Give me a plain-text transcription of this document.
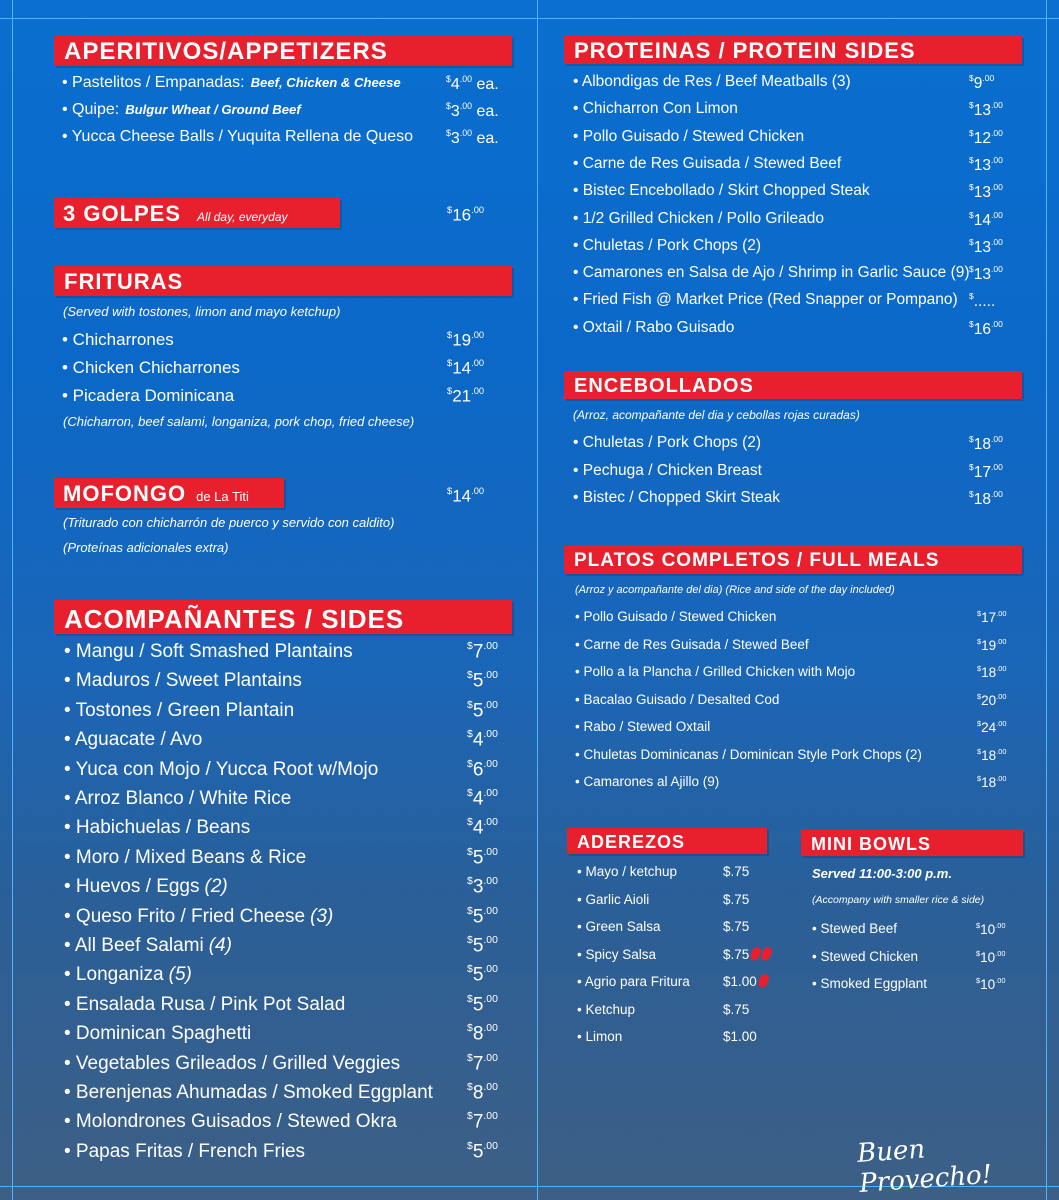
APERITIVOS/APPETIZERS
• Pastelitos / Empanadas: Beef, Chicken & Cheese	$^{\$}4^{.00}$ ea.
• Quipe: Bulgur Wheat / Ground Beef	$^{\$}3^{.00}$ ea.
• Yucca Cheese Balls / Yuquita Rellena de Queso	$^{\$}3^{.00}$ ea.
3 GOLPES All day, everyday	$^{\$}16^{.00}$
FRITURAS
(Served with tostones, limon and mayo ketchup)
• Chicharrones	$^{\$}19^{.00}$
• Chicken Chicharrones	$^{\$}14^{.00}$
• Picadera Dominicana	$^{\$}21^{.00}$
(Chicharron, beef salami, longaniza, pork chop, fried cheese)
MOFONGO de La Titi	$^{\$}14^{.00}$
(Triturado con chicharrón de puerco y servido con caldito)
(Proteínas adicionales extra)
ACOMPAÑANTES / SIDES
• Mangu / Soft Smashed Plantains	$^{\$}7^{.00}$
• Maduros / Sweet Plantains	$^{\$}5^{.00}$
• Tostones / Green Plantain	$^{\$}5^{.00}$
• Aguacate / Avo	$^{\$}4^{.00}$
• Yuca con Mojo / Yucca Root w/Mojo	$^{\$}6^{.00}$
• Arroz Blanco / White Rice	$^{\$}4^{.00}$
• Habichuelas / Beans	$^{\$}4^{.00}$
• Moro / Mixed Beans & Rice	$^{\$}5^{.00}$
• Huevos / Eggs (2)	$^{\$}3^{.00}$
• Queso Frito / Fried Cheese (3)	$^{\$}5^{.00}$
• All Beef Salami (4)	$^{\$}5^{.00}$
• Longaniza (5)	$^{\$}5^{.00}$
• Ensalada Rusa / Pink Pot Salad	$^{\$}5^{.00}$
• Dominican Spaghetti	$^{\$}8^{.00}$
• Vegetables Grileados / Grilled Veggies	$^{\$}7^{.00}$
• Berenjenas Ahumadas / Smoked Eggplant	$^{\$}8^{.00}$
• Molondrones Guisados / Stewed Okra	$^{\$}7^{.00}$
• Papas Fritas / French Fries	$^{\$}5^{.00}$
PROTEINAS / PROTEIN SIDES
• Albondigas de Res / Beef Meatballs (3)	$^{\$}9^{.00}$
• Chicharron Con Limon	$^{\$}13^{.00}$
• Pollo Guisado / Stewed Chicken	$^{\$}12^{.00}$
• Carne de Res Guisada / Stewed Beef	$^{\$}13^{.00}$
• Bistec Encebollado / Skirt Chopped Steak	$^{\$}13^{.00}$
• 1/2 Grilled Chicken / Pollo Grileado	$^{\$}14^{.00}$
• Chuletas / Pork Chops (2)	$^{\$}13^{.00}$
• Camarones en Salsa de Ajo / Shrimp in Garlic Sauce (9) $^{\$}13^{.00}$
• Fried Fish @ Market Price (Red Snapper or Pompano) $.....
• Oxtail / Rabo Guisado	$^{\$}16^{.00}$
ENCEBOLLADOS
(Arroz, acompañante del dia y cebollas rojas curadas)
• Chuletas / Pork Chops (2)	$^{\$}18^{.00}$
• Pechuga / Chicken Breast	$^{\$}17^{.00}$
• Bistec / Chopped Skirt Steak	$^{\$}18^{.00}$
PLATOS COMPLETOS / FULL MEALS
(Arroz y acompañante del dia) (Rice and side of the day included)
• Pollo Guisado / Stewed Chicken	$^{\$}17^{.00}$
• Carne de Res Guisada / Stewed Beef	$^{\$}19^{.00}$
• Pollo a la Plancha / Grilled Chicken with Mojo	$^{\$}18^{.00}$
• Bacalao Guisado / Desalted Cod	$^{\$}20^{.00}$
• Rabo / Stewed Oxtail	$^{\$}24^{.00}$
• Chuletas Dominicanas / Dominican Style Pork Chops (2)	$^{\$}18^{.00}$
• Camarones al Ajillo (9)	$^{\$}18^{.00}$
ADEREZOS
• Mayo / ketchup	$.75
• Garlic Aioli	$.75
• Green Salsa	$.75
• Spicy Salsa	$.75
• Agrio para Fritura $1.00
• Ketchup	$.75
• Limon	$1.00
MINI BOWLS
Served 11:00-3:00 p.m.
(Accompany with smaller rice & side)
• Stewed Beef	$^{\$}10^{.00}$
• Stewed Chicken	$^{\$}10^{.00}$
• Smoked Eggplant	$^{\$}10^{.00}$
Buen Provecho!
